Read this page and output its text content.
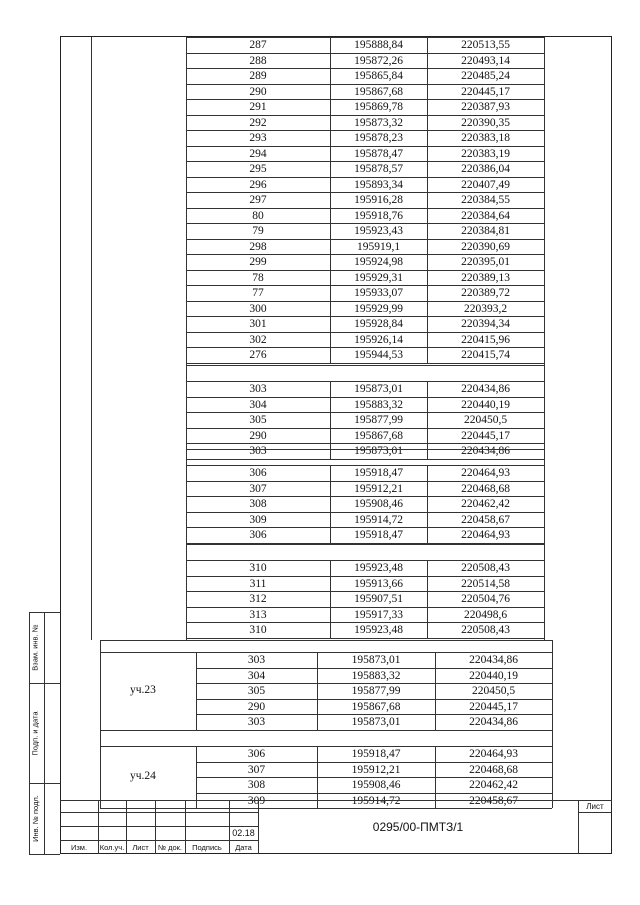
287	195888,84	220513,55
288	195872,26	220493,14
289	195865,84	220485,24
290	195867,68	220445,17
291	195869,78	220387,93
292	195873,32	220390,35
293	195878,23	220383,18
294	195878,47	220383,19
295	195878,57	220386,04
296	195893,34	220407,49
297	195916,28	220384,55
80	195918,76	220384,64
79	195923,43	220384,81
298	195919,1	220390,69
299	195924,98	220395,01
78	195929,31	220389,13
77	195933,07	220389,72
300	195929,99	220393,2
301	195928,84	220394,34
302	195926,14	220415,96
276	195944,53	220415,74
303	195873,01	220434,86
304	195883,32	220440,19
305	195877,99	220450,5
290	195867,68	220445,17
303	195873,01	220434,86
306	195918,47	220464,93
307	195912,21	220468,68
308	195908,46	220462,42
309	195914,72	220458,67
306	195918,47	220464,93
310	195923,48	220508,43
311	195913,66	220514,58
312	195907,51	220504,76
313	195917,33	220498,6
310	195923,48	220508,43
303	195873,01	220434,86
304	195883,32	220440,19
305	195877,99	220450,5
290	195867,68	220445,17
303	195873,01	220434,86
уч.23
306	195918,47	220464,93
307	195912,21	220468,68
308	195908,46	220462,42
309	195914,72	220458,67
уч.24
Взам. инв. №
Подп. и дата
Инв. № подл.
Изм.	Кол.уч.	Лист	№ док.	Подпись	Дата
02.18	0295/00-ПМТЗ/1
Лист
